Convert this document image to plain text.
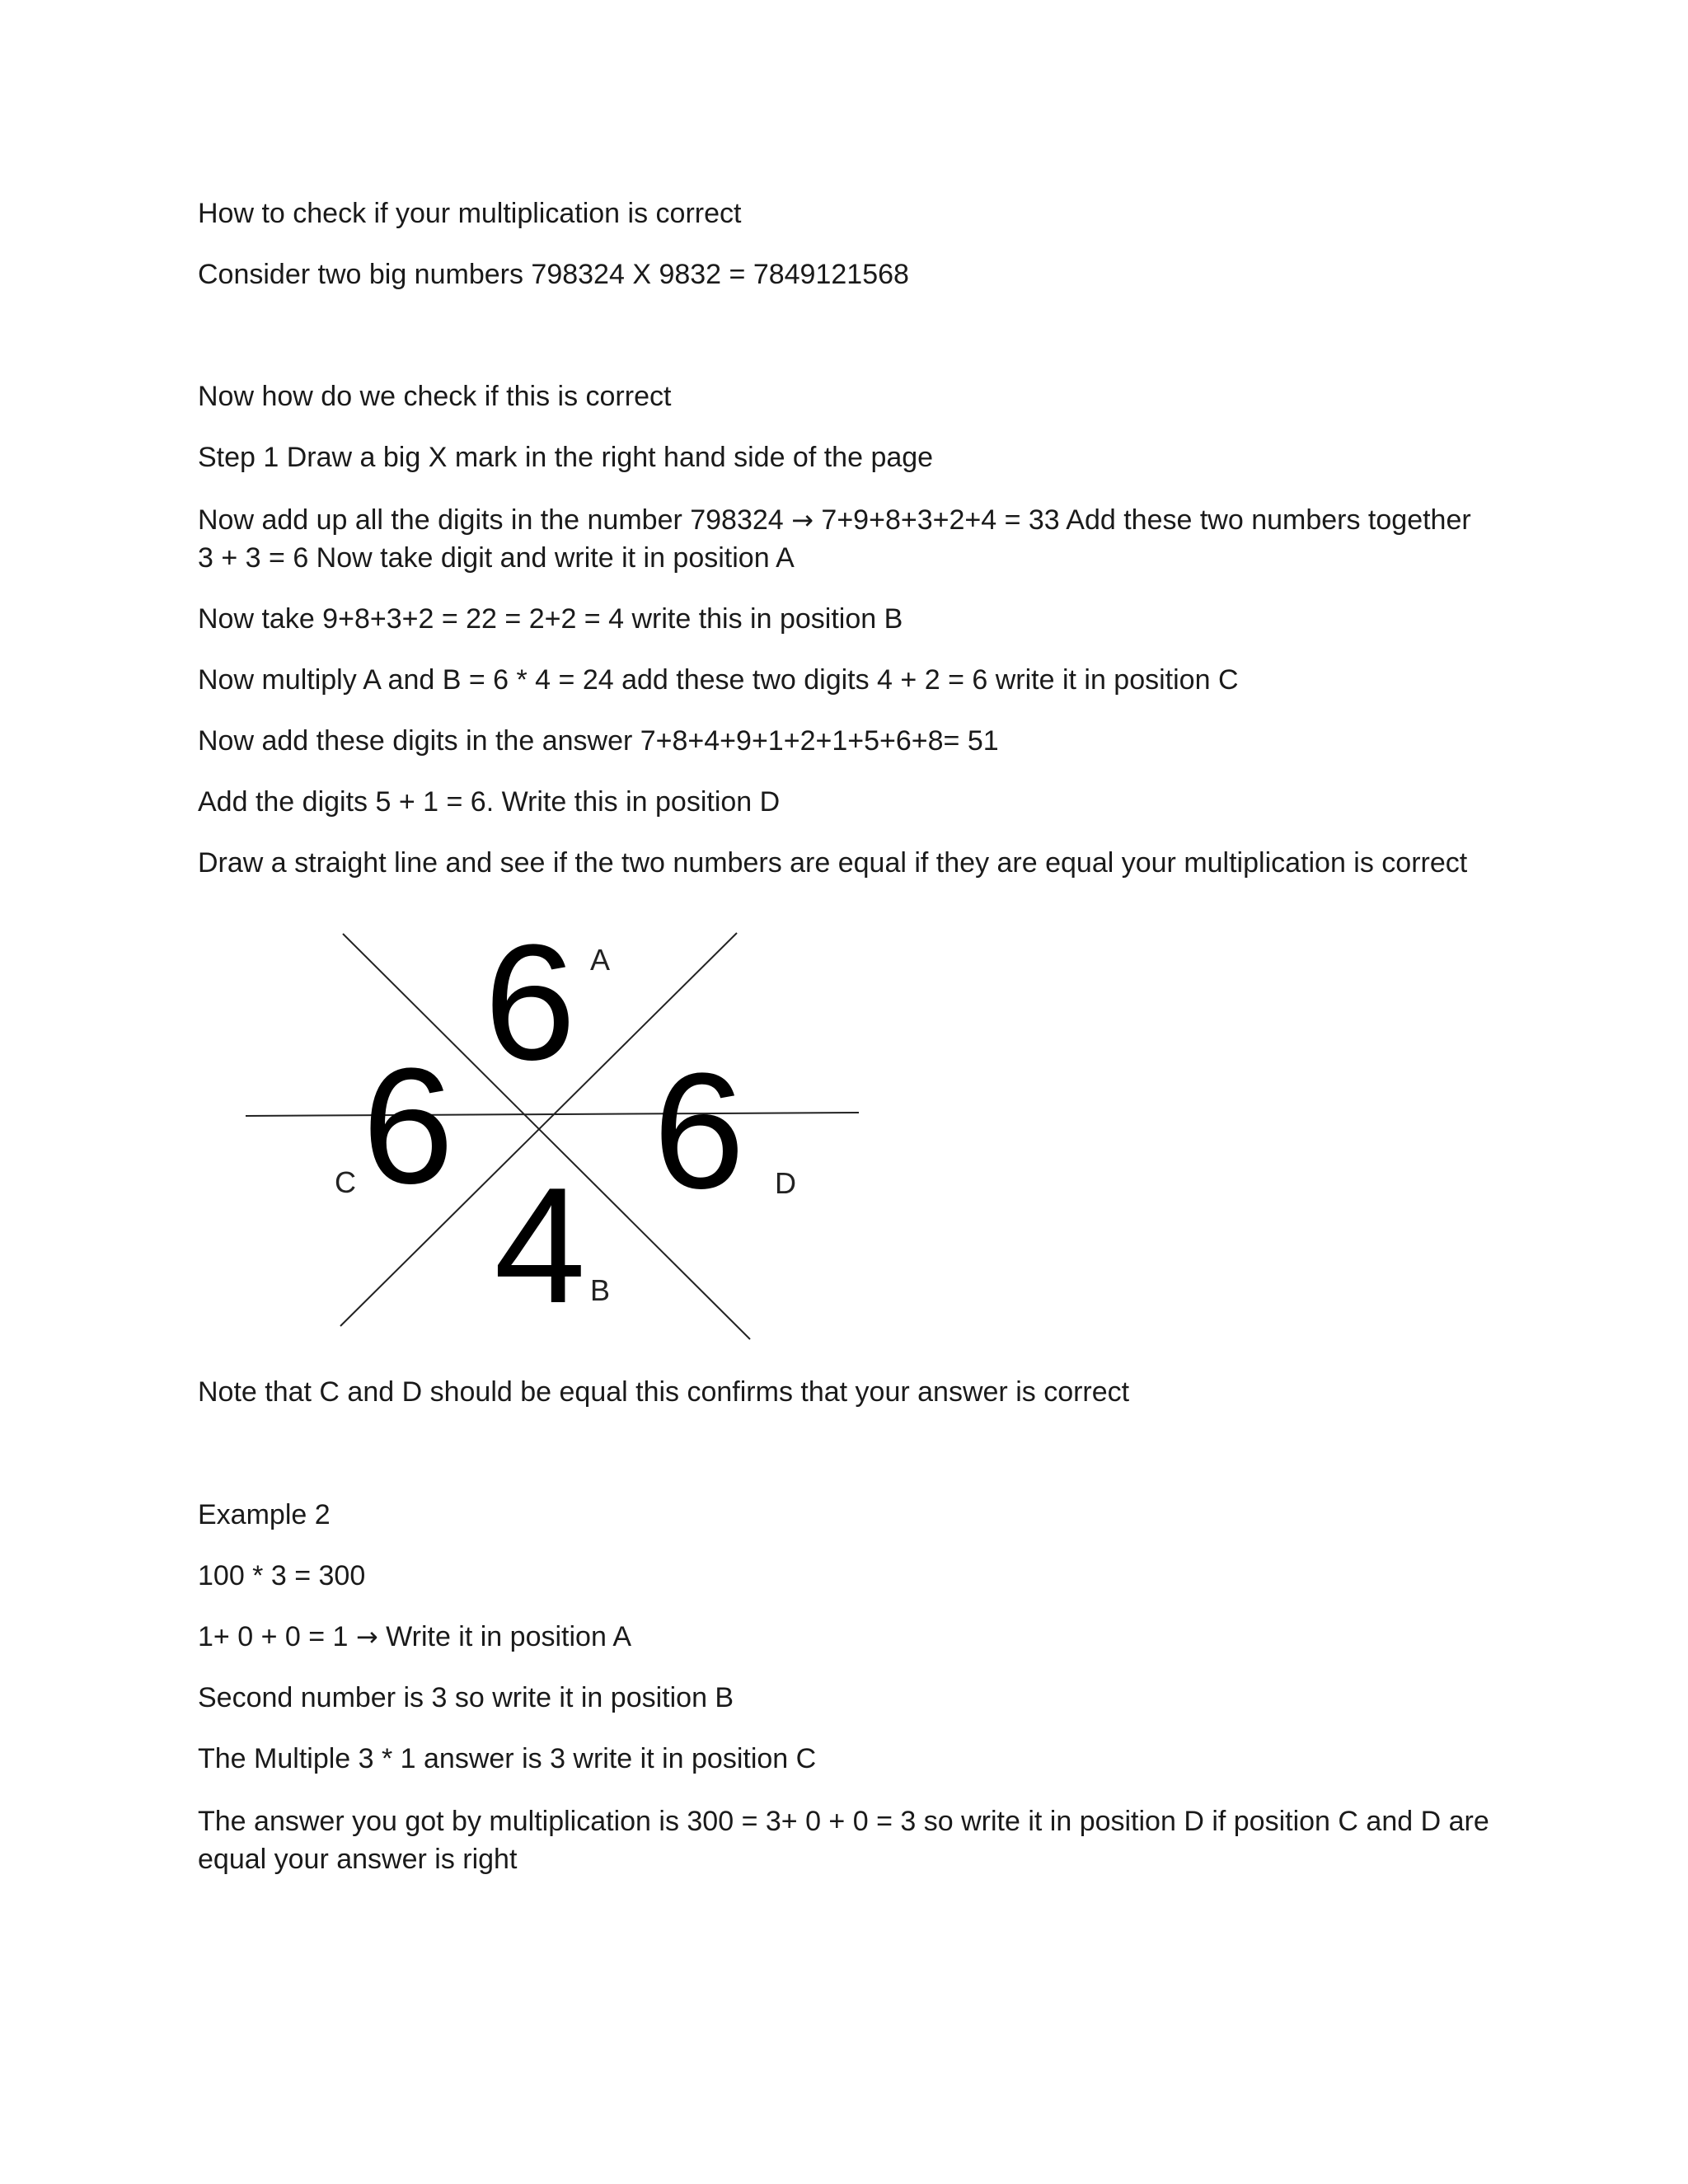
How to check if your multiplication is correct

Consider two big numbers 798324 X 9832 = 7849121568

Now how do we check if this is correct

Step 1 Draw a big X mark in the right hand side of the page

Now add up all the digits in the number 798324 → 7+9+8+3+2+4 = 33 Add these two numbers together

3 + 3 = 6 Now take digit and write it in position A

Now take 9+8+3+2 = 22 = 2+2 = 4 write this in position B

Now multiply A and B = 6 * 4 = 24 add these two digits 4 + 2 = 6 write it in position C

Now add these digits in the answer 7+8+4+9+1+2+1+5+6+8= 51

Add the digits 5 + 1 = 6. Write this in position D

Draw a straight line and see if the two numbers are equal if they are equal your multiplication is correct

6
6 6
4
A
C	D
B

Note that C and D should be equal this confirms that your answer is correct

Example 2

100 * 3 = 300

1+ 0 + 0 = 1 → Write it in position A

Second number is 3 so write it in position B

The Multiple 3 * 1 answer is 3 write it in position C

The answer you got by multiplication is 300 = 3+ 0 + 0 = 3 so write it in position D if position C and D are equal your answer is right
